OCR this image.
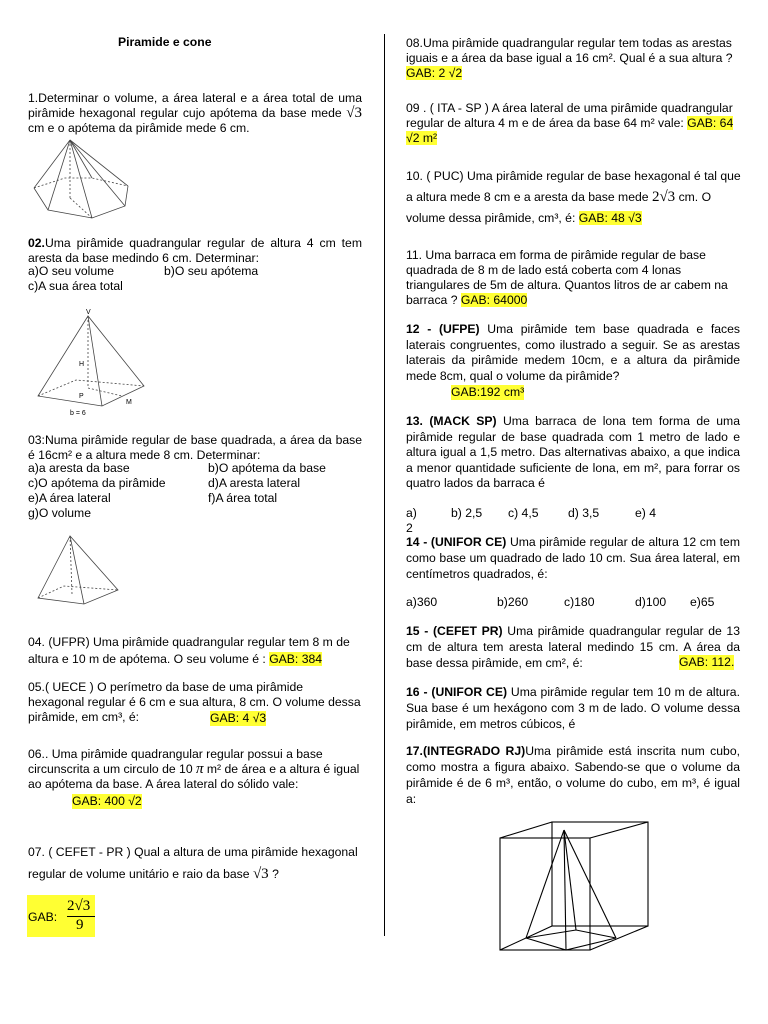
Piramide e cone
1.Determinar o volume, a área lateral e a área total de uma pirâmide hexagonal regular cujo apótema da base mede √3 cm e o apótema da pirâmide mede 6 cm.
02.Uma pirâmide quadrangular regular de altura 4 cm tem aresta da base medindo 6 cm. Determinar:
a)O seu volume	b)O seu apótema
c)A sua área total
V
H
P
M
b = 6
03:Numa pirâmide regular de base quadrada, a área da base é 16cm² e a altura mede 8 cm. Determinar:
a)a aresta da base	b)O apótema da base
c)O apótema da pirâmide	d)A aresta lateral
e)A área lateral	f)A área total
g)O volume
04. (UFPR) Uma pirâmide quadrangular regular tem 8 m de altura e 10 m de apótema. O seu volume é : GAB: 384
05.( UECE ) O perímetro da base de uma pirâmide hexagonal regular é 6 cm e sua altura, 8 cm. O volume dessa pirâmide, em cm³, é:	GAB: 4 √3
06.. Uma pirâmide quadrangular regular possui a base circunscrita a um circulo de 10 π m² de área e a altura é igual ao apótema da base. A área lateral do sólido vale:
GAB: 400 √2
07. ( CEFET - PR ) Qual a altura de uma pirâmide hexagonal regular de volume unitário e raio da base √3 ?
GAB:
2√3
9
08.Uma pirâmide quadrangular regular tem todas as arestas iguais e a área da base igual a 16 cm². Qual é a sua altura ? GAB: 2 √2
09 . ( ITA - SP ) A área lateral de uma pirâmide quadrangular regular de altura 4 m e de área da base 64 m² vale: GAB: 64 √2 m²
10. ( PUC) Uma pirâmide regular de base hexagonal é tal que a altura mede 8 cm e a aresta da base mede 2√3 cm. O volume dessa pirâmide, cm³, é: GAB: 48 √3
11. Uma barraca em forma de pirâmide regular de base quadrada de 8 m de lado está coberta com 4 lonas triangulares de 5m de altura. Quantos litros de ar cabem na barraca ? GAB: 64000
12 - (UFPE) Uma pirâmide tem base quadrada e faces laterais congruentes, como ilustrado a seguir. Se as arestas laterais da pirâmide medem 10cm, e a altura da pirâmide mede 8cm, qual o volume da pirâmide?
GAB:192 cm³
13. (MACK SP) Uma barraca de lona tem forma de uma pirâmide regular de base quadrada com 1 metro de lado e altura igual a 1,5 metro. Das alternativas abaixo, a que indica a menor quantidade suficiente de lona, em m², para forrar os quatro lados da barraca é
a) 2
b) 2,5 c) 4,5 d) 3,5	e) 4
14 - (UNIFOR CE) Uma pirâmide regular de altura 12 cm tem como base um quadrado de lado 10 cm. Sua área lateral, em centímetros quadrados, é:
a)360	b)260	c)180	d)100 e)65
15 - (CEFET PR) Uma pirâmide quadrangular regular de 13 cm de altura tem aresta lateral medindo 15 cm. A área da base dessa pirâmide, em cm², é:	GAB: 112.
16 - (UNIFOR CE) Uma pirâmide regular tem 10 m de altura. Sua base é um hexágono com 3 m de lado. O volume dessa pirâmide, em metros cúbicos, é
17.(INTEGRADO RJ)Uma pirâmide está inscrita num cubo, como mostra a figura abaixo. Sabendo-se que o volume da pirâmide é de 6 m³, então, o volume do cubo, em m³, é igual a:
